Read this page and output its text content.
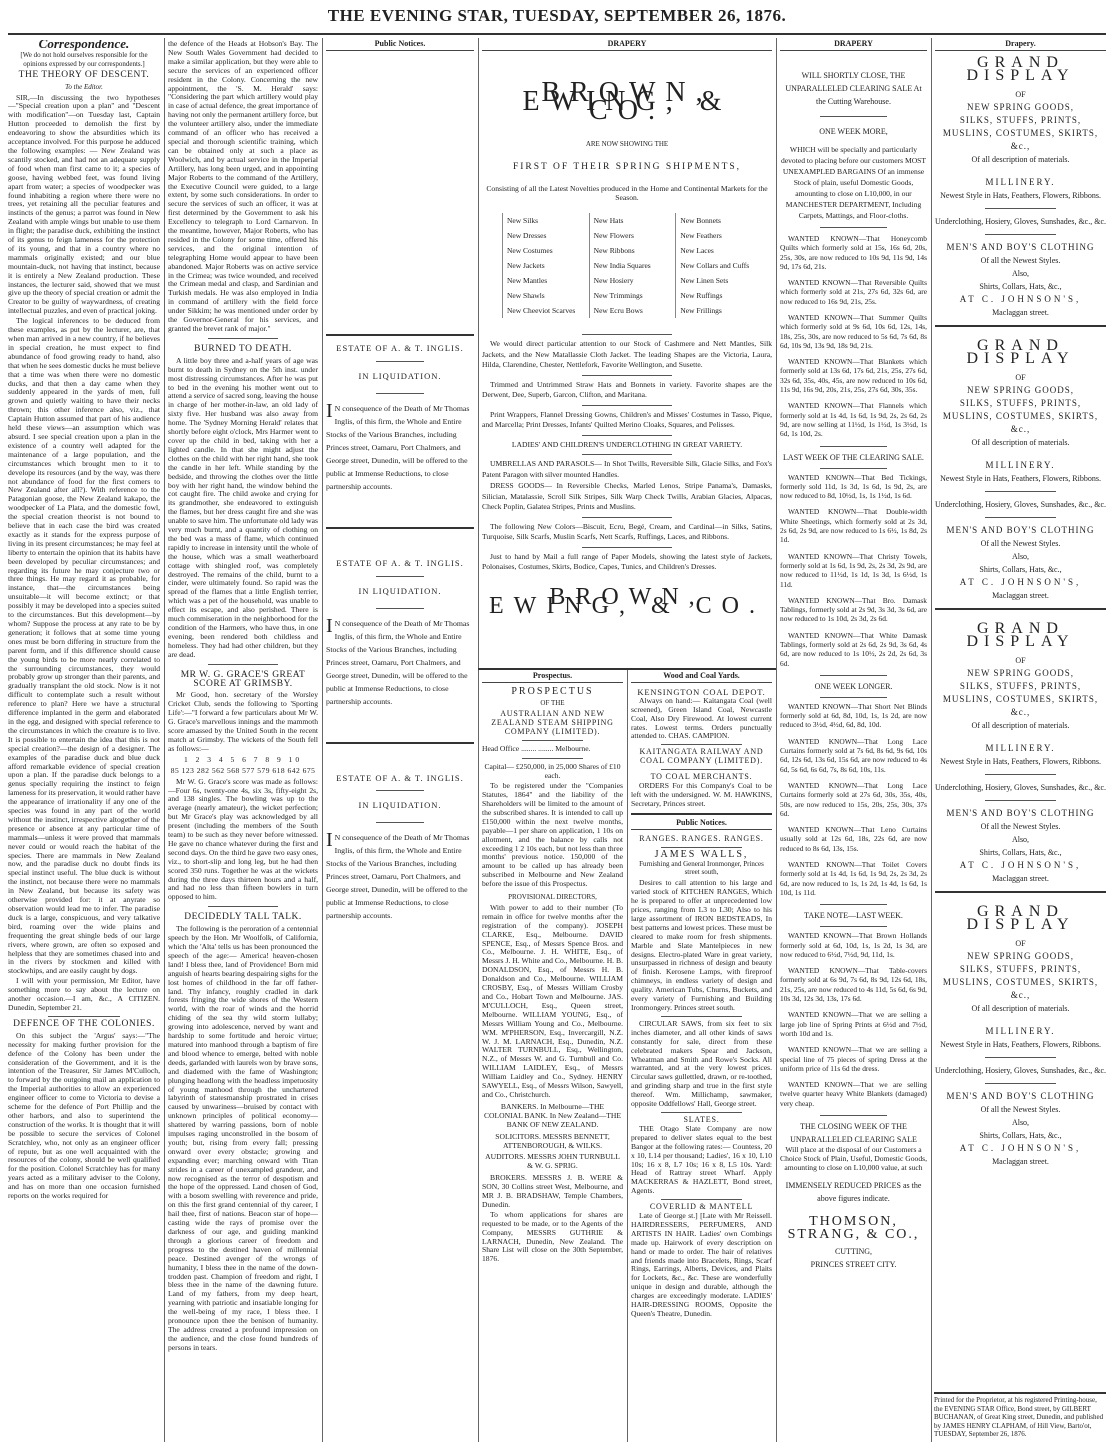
THE EVENING STAR, TUESDAY, SEPTEMBER 26, 1876.
Correspondence.

[We do not hold ourselves responsible for the opinions expressed by our correspondents.]

THE THEORY OF DESCENT.
To the Editor.

SIR,—In discussing the two hypotheses—"Special creation upon a plan" and "Descent with modification"—on Tuesday last, Captain Hutton proceeded to demolish the first by endeavoring to show the absurdities which its acceptance involved. For this purpose he adduced the following examples: — New Zealand was scantily stocked, and had not an adequate supply of food when man first came to it; a species of goose, having webbed feet, was found living apart from water; a species of woodpecker was found inhabiting a region where there were no trees, yet retaining all the peculiar features and instincts of the genus; a parrot was found in New Zealand with ample wings but unable to use them in flight; the paradise duck, exhibiting the instinct of its genus to feign lameness for the protection of its young, and that in a country where no mammals originally existed; and our blue mountain-duck, not having that instinct, because it is entirely a New Zealand production. These instances, the lecturer said, showed that we must give up the theory of special creation or admit the Creator to be guilty of waywardness, of creating intellectual puzzles, and even of practical joking.

The logical inferences to be deduced from these examples, as put by the lecturer, are, that when man arrived in a new country, if he believes in special creation, he must expect to find abundance of food growing ready to hand, also that when he sees domestic ducks he must believe that a time was when there were no domestic ducks, and that then a day came when they suddenly appeared in the yards of men, full grown and quietly waiting to have their necks thrown; this other inference also, viz., that Captain Hutton assumed that part of his audience held these views—an assumption which was absurd. I see special creation upon a plan in the existence of a country well adapted for the maintenance of a large population, and the circumstances which brought men to it to develope its resources (and by the way, was there not abundance of food for the first comers to New Zealand after all?). With reference to the Patagonian goose, the New Zealand kakapo, the woodpecker of La Plata, and the domestic fowl, the special creation theorist is not bound to believe that in each case the bird was created exactly as it stands for the express purpose of living in its present circumstances; he may feel at liberty to entertain the opinion that its habits have been developed by peculiar circumstances; and regarding its future he may conjecture two or three things. He may regard it as probable, for instance, that—the circumstances being unsuitable—it will become extinct; or that possibly it may be developed into a species suited to the circumstances. But this development—by whom? Suppose the process at any rate to be by generation; it follows that at some time young ones must be born differing in structure from the parent form, and if this difference should cause the young birds to be more nearly correlated to the surrounding circumstances, they would probably grow up stronger than their parents, and gradually transplant the old stock. Now is it not difficult to contemplate such a result without reference to plan? Here we have a structural difference implanted in the germ and elaborated in the egg, and designed with special reference to the circumstances in which the creature is to live. It is possible to entertain the idea that this is not special creation?—the design of a designer. The examples of the paradise duck and blue duck afford remarkable evidence of special creation upon a plan. If the paradise duck belongs to a genus specially requiring the instinct to feign lameness for its preservation, it would rather have the appearance of irrationality if any one of the species was found in any part of the world without the instinct, irrespective altogether of the presence or absence at any particular time of mammals—unless it were proved that mammals never could or would reach the habitat of the species. There are mammals in New Zealand now, and the paradise duck no doubt finds its special instinct useful. The blue duck is without the instinct, not because there were no mammals in New Zealand, but because its safety was otherwise provided for: it at anyrate so observation would lead me to infer. The paradise duck is a large, conspicuous, and very talkative bird, roaming over the wide plains and frequenting the great shingle beds of our large rivers, where grown, are often so exposed and helpless that they are sometimes chased into and in the rivers by stockmen and killed with stockwhips, and are easily caught by dogs.

I will with your permission, Mr Editor, have something more to say about the lecture on another occasion.—I am, &c., A CITIZEN. Dunedin, September 21.

DEFENCE OF THE COLONIES.

On this subject the 'Argus' says:—"The necessity for making further provision for the defence of the Colony has been under the consideration of the Government, and it is the intention of the Treasurer, Sir James M'Culloch, to forward by the outgoing mail an application to the Imperial authorities to allow an experienced engineer officer to come to Victoria to devise a scheme for the defence of Port Phillip and the other harbors, and also to superintend the construction of the works. It is thought that it will be possible to secure the services of Colonel Scratchley, who, not only as an engineer officer of repute, but as one well acquainted with the resources of the colony, should be well qualified for the position. Colonel Scratchley has for many years acted as a military adviser to the Colony, and has on more than one occasion furnished reports on the works required for

the defence of the Heads at Hobson's Bay. The New South Wales Government had decided to make a similar application, but they were able to secure the services of an experienced officer resident in the Colony. Concerning the new appointment, the 'S. M. Herald' says: "Considering the part which artillery would play in case of actual defence, the great importance of having not only the permanent artillery force, but the volunteer artillery also, under the immediate command of an officer who has received a special and thorough scientific training, which can be obtained only at such a place as Woolwich, and by actual service in the Imperial Artillery, has long been urged, and in appointing Major Roberts to the command of the Artillery, the Executive Council were guided, to a large extent, by some such considerations. In order to secure the services of such an officer, it was at first determined by the Government to ask his Excellency to telegraph to Lord Carnarvon. In the meantime, however, Major Roberts, who has resided in the Colony for some time, offered his services, and the original intention of telegraphing Home would appear to have been abandoned. Major Roberts was on active service in the Crimea; was twice wounded, and received the Crimean medal and clasp, and Sardinian and Turkish medals. He was also employed in India in command of artillery with the field force under Sikkim; he was mentioned under order by the Governor-General for his services, and granted the brevet rank of major."

BURNED TO DEATH.

A little boy three and a-half years of age was burnt to death in Sydney on the 5th inst. under most distressing circumstances. After he was put to bed in the evening his mother went out to attend a service of sacred song, leaving the house in charge of her mother-in-law, an old lady of sixty five. Her husband was also away from home. The 'Sydney Morning Herald' relates that shortly before eight o'clock, Mrs Harmer went to cover up the child in bed, taking with her a lighted candle. In that she might adjust the clothes on the child with her right hand, she took the candle in her left. While standing by the bedside, and throwing the clothes over the little boy with her right hand, the window behind the cot caught fire. The child awoke and crying for its grandmother, she endeavored to extinguish the flames, but her dress caught fire and she was unable to save him. The unfortunate old lady was very much burnt, and a quantity of clothing on the bed was a mass of flame, which continued rapidly to increase in intensity until the whole of the house, which was a small weatherboard cottage with shingled roof, was completely destroyed. The remains of the child, burnt to a cinder, were ultimately found. So rapid was the spread of the flames that a little English terrier, which was a pet of the household, was unable to effect its escape, and also perished. There is much commiseration in the neighborhood for the condition of the Harmers, who have thus, in one evening, been rendered both childless and homeless. They had had other children, but they are dead.

MR W. G. GRACE'S GREAT SCORE AT GRIMSBY.

Mr Good, hon. secretary of the Worsley Cricket Club, sends the following to 'Sporting Life':—"I forward a few particulars about Mr W. G. Grace's marvellous innings and the mammoth score amassed by the United South in the recent match at Grimsby. The wickets of the South fell as follows:—

1 2 3 4 5 6 7 8 9 10
85 123 282 562 568 577 579 618 642 675

Mr W. G. Grace's score was made as follows:—Four 6s, twenty-one 4s, six 3s, fifty-eight 2s, and 138 singles. The bowling was up to the average (nearly amateur), the wicket perfection; but Mr Grace's play was acknowledged by all present (including the members of the South team) to be such as they never before witnessed. He gave no chance whatever during the first and second days. On the third he gave two easy ones, viz., to short-slip and long leg, but he had then scored 350 runs. Together he was at the wickets during the three days thirteen hours and a half, and had no less than fifteen bowlers in turn opposed to him.

DECIDEDLY TALL TALK.

The following is the peroration of a centennial speech by the Hon. Mr Woolfolk, of California, which the 'Alta' tells us has been pronounced the speech of the age:— America! heaven-chosen land! I bless thee, land of Providence! Born mid anguish of hearts bearing despairing sighs for the lost homes of childhood in the far off father-land. Thy infancy, roughly cradled in dark forests fringing the wide shores of the Western world, with the roar of winds and the horrid chiding of the sea thy wild storm lullaby; growing into adolescence, nerved by want and hardship to some fortitude and heroic virtue; matured into manhood through a baptism of fire and blood whence to emerge, belted with noble deeds, garlanded with laurels won by brave sons, and diademed with the fame of Washington; plunging headlong with the headless impetuosity of young manhood through the unchartered labyrinth of statesmanship prostrated in crises caused by unwariness—bruised by contact with unknown principles of political economy—shattered by warring passions, born of noble impulses raging unconstrolled in the bosom of youth; but, rising from every fall; pressing onward over every obstacle; growing and expanding ever; marching onward with Titan strides in a career of unexampled grandeur, and now recognised as the terror of despotism and the hope of the oppressed. Land chosen of God, with a bosom swelling with reverence and pride, on this the first grand centennial of thy career, I hail thee, first of nations. Beacon star of hope—casting wide the rays of promise over the darkness of our age, and guiding mankind through a glorious career of freedom and progress to the destined haven of millennial peace. Destined avenger of the wrongs of humanity, I bless thee in the name of the down-trodden past. Champion of freedom and right, I bless thee in the name of the dawning future. Land of my fathers, from my deep heart, yearning with patriotic and insatiable longing for the well-being of my race, I bless thee. I pronounce upon thee the benison of humanity. The address created a profound impression on the audience, and the close found hundreds of persons in tears.

Public Notices.
ESTATE OF A. & T. INGLIS.
IN LIQUIDATION.
I N consequence of the Death of Mr Thomas Inglis, of this firm, the Whole and Entire Stocks of the Various Branches, including Princes street, Oamaru, Port Chalmers, and George street, Dunedin, will be offered to the public at Immense Reductions, to close partnership accounts.
ESTATE OF A. & T. INGLIS.
IN LIQUIDATION.
I N consequence of the Death of Mr Thomas Inglis, of this firm, the Whole and Entire Stocks of the Various Branches, including Princes street, Oamaru, Port Chalmers, and George street, Dunedin, will be offered to the public at Immense Reductions, to close partnership accounts.
ESTATE OF A. & T. INGLIS.
IN LIQUIDATION.
I N consequence of the Death of Mr Thomas Inglis, of this firm, the Whole and Entire Stocks of the Various Branches, including Princes street, Oamaru, Port Chalmers, and George street, Dunedin, will be offered to the public at Immense Reductions, to close partnership accounts.
DRAPERY
BROWN, EWING, & CO.
ARE NOW SHOWING THE
FIRST OF THEIR SPRING SHIPMENTS,

Consisting of all the Latest Novelties produced in the Home and Continental Markets for the Season.

New Silks	New Hats	New Bonnets
New Dresses	New Flowers	New Feathers
New Costumes	New Ribbons	New Laces
New Jackets	New India Squares	New Collars and Cuffs
New Mantles	New Hosiery	New Linen Sets
New Shawls	New Trimmings	New Ruffings
New Cheeviot Scarves	New Ecru Bows	New Frillings

We would direct particular attention to our Stock of Cashmere and Nett Mantles, Silk Jackets, and the New Matallassie Cloth Jacket. The leading Shapes are the Victoria, Laura, Hilda, Clarendine, Chester, Nettlefork, Favorite Wellington, and Susette.

Trimmed and Untrimmed Straw Hats and Bonnets in variety. Favorite shapes are the Derwent, Dee, Superb, Garcon, Clifton, and Maritana.

Print Wrappers, Flannel Dressing Gowns, Children's and Misses' Costumes in Tasso, Pique, and Marcella; Print Dresses, Infants' Quilted Merino Cloaks, Squares, and Pelisses.

LADIES' AND CHILDREN'S UNDERCLOTHING IN GREAT VARIETY.

UMBRELLAS AND PARASOLS— In Shot Twills, Reversible Silk, Glacie Silks, and Fox's Patent Paragon with silver mounted Handles.

DRESS GOODS— In Reversible Checks, Marled Lenos, Stripe Panama's, Damasks, Silician, Matalassie, Scroll Silk Stripes, Silk Warp Check Twills, Arabian Glacies, Alpacas, Check Poplin, Galatea Stripes, Prints and Muslins.

The following New Colors—Biscuit, Ecru, Begé, Cream, and Cardinal—in Silks, Satins, Turquoise, Silk Scarfs, Muslin Scarfs, Nett Scarfs, Ruffings, Laces, and Ribbons.

Just to hand by Mail a full range of Paper Models, showing the latest style of Jackets, Polonaises, Costumes, Skirts, Bodice, Capes, Tunics, and Children's Dresses.

BROWN, EWING, & CO.
Prospectus.
PROSPECTUS
OF THE
AUSTRALIAN AND NEW ZEALAND STEAM SHIPPING COMPANY (LIMITED).

Head Office ........ ........ Melbourne.

Capital— £250,000, in 25,000 Shares of £10 each.

To be registered under the "Companies Statutes, 1864" and the liability of the Shareholders will be limited to the amount of the subscribed shares. It is intended to call up £150,000 within the next twelve months, payable—1 per share on application, 1 10s on allotment, and the balance by calls not exceeding 1 2 10s each, but not less than three months' previous notice. 150,000 of the amount to be called up has already been subscribed in Melbourne and New Zealand before the issue of this Prospectus.

PROVISIONAL DIRECTORS,

With power to add to their number (To remain in office for twelve months after the registration of the company). JOSEPH CLARKE, Esq., Melbourne. DAVID SPENCE, Esq., of Messrs Spence Bros. and Co., Melbourne. J. H. WHITE, Esq., of Messrs J. H. White and Co., Melbourne. H. B. DONALDSON, Esq., of Messrs H. B. Donaldson and Co., Melbourne. WILLIAM CROSBY, Esq., of Messrs William Crosby and Co., Hobart Town and Melbourne. JAS. M'CULLOCH, Esq., Queen street, Melbourne. WILLIAM YOUNG, Esq., of Messrs William Young and Co., Melbourne. WM. M'PHERSON, Esq., Invercargill, N.Z. W. J. M. LARNACH, Esq., Dunedin, N.Z. WALTER TURNBULL, Esq., Wellington, N.Z., of Messrs W. and G. Turnbull and Co. WILLIAM LAIDLEY, Esq., of Messrs William Laidley and Co., Sydney. HENRY SAWYELL, Esq., of Messrs Wilson, Sawyell, and Co., Christchurch.

BANKERS. In Melbourne—THE COLONIAL BANK. In New Zealand—THE BANK OF NEW ZEALAND.

SOLICITORS. MESSRS BENNETT, ATTENBOROUGH, & WILKS.

AUDITORS. MESSRS JOHN TURNBULL & W. G. SPRIG.

BROKERS. MESSRS J. B. WERE & SON, 30 Collins street West, Melbourne, and MR J. B. BRADSHAW, Temple Chambers, Dunedin.

To whom applications for shares are requested to be made, or to the Agents of the Company, MESSRS GUTHRIE & LARNACH, Dunedin, New Zealand. The Share List will close on the 30th September, 1876.

Wood and Coal Yards.
KENSINGTON COAL DEPOT.

Always on hand:— Kaitangata Coal (well screened), Green Island Coal, Newcastle Coal, Also Dry Firewood. At lowest current rates. Lowest terms. Orders punctually attended to. CHAS. CAMPION.

KAITANGATA RAILWAY AND COAL COMPANY (LIMITED).
TO COAL MERCHANTS.

ORDERS For this Company's Coal to be left with the undersigned. W. M. HAWKINS, Secretary, Princes street.

Public Notices.
RANGES. RANGES. RANGES.
JAMES WALLS,
Furnishing and General Ironmonger, Princes street south,

Desires to call attention to his large and varied stock of KITCHEN RANGES, Which he is prepared to offer at unprecedented low prices, ranging from L3 to L30; Also to his large assortment of IRON BEDSTEADS, In best patterns and lowest prices. These must be cleared to make room for fresh shipments. Marble and Slate Mantelpieces in new designs. Electro-plated Ware in great variety, unsurpassed in richness of design and beauty of finish. Kerosene Lamps, with fireproof chimneys, in endless variety of design and quality. American Tubs, Churns, Buckets, and every variety of Furnishing and Building Ironmongery. Princes street south.

CIRCULAR SAWS, from six feet to six inches diameter, and all other kinds of saws constantly for sale, direct from these celebrated makers Spear and Jackson, Wheatman and Smith and Rowe's Socks. All warranted, and at the very lowest prices. Circular saws gullettled, drawn, or re-toothed, and grinding sharp and true in the first style thereof. Wm. Millichamp, sawmaker, opposite Oddfellows' Hall, George street.

SLATES.

THE Otago Slate Company are now prepared to deliver slates equal to the best Bangor at the following rates:— Countess, 20 x 10, L14 per thousand; Ladies', 16 x 10, L10 10s; 16 x 8, L7 10s; 16 x 8, L5 10s. Yard: Head of Rattray street Wharf. Apply MACKERRAS & HAZLETT, Bond street, Agents.

COVERLID & MANTELL

Late of George st.] [Late with Mr Reissell. HAIRDRESSERS, PERFUMERS, AND ARTISTS IN HAIR. Ladies' own Combings made up. Hairwork of every description on hand or made to order. The hair of relatives and friends made into Bracelets, Rings, Scarf Rings, Earrings, Alberts, Devices, and Plaits for Lockets, &c., &c. These are wonderfully unique in design and durable, although the charges are exceedingly moderate. LADIES' HAIR-DRESSING ROOMS, Opposite the Queen's Theatre, Dunedin.

DRAPERY
WILL SHORTLY CLOSE, THE UNPARALLELED CLEARING SALE At the Cutting Warehouse.
ONE WEEK MORE,

WHICH will be specially and particularly devoted to placing before our customers MOST UNEXAMPLED BARGAINS Of an immense Stock of plain, useful Domestic Goods, amounting to close on L10,000, in our MANCHESTER DEPARTMENT, Including Carpets, Mattings, and Floor-cloths.

WANTED KNOWN—That Honeycomb Quilts which formerly sold at 15s, 16s 6d, 20s, 25s, 30s, are now reduced to 10s 9d, 11s 9d, 14s 9d, 17s 6d, 21s.

WANTED KNOWN—That Reversible Quilts which formerly sold at 21s, 27s 6d, 32s 6d, are now reduced to 16s 9d, 21s, 25s.

WANTED KNOWN—That Summer Quilts which formerly sold at 9s 6d, 10s 6d, 12s, 14s, 18s, 25s, 30s, are now reduced to 5s 6d, 7s 6d, 8s 6d, 10s 9d, 13s 9d, 18s 9d, 21s.

WANTED KNOWN—That Blankets which formerly sold at 13s 6d, 17s 6d, 21s, 25s, 27s 6d, 32s 6d, 35s, 40s, 45s, are now reduced to 10s 6d, 11s 9d, 16s 9d, 20s, 21s, 25s, 27s 6d, 30s, 35s.

WANTED KNOWN—That Flannels which formerly sold at 1s 4d, 1s 6d, 1s 9d, 2s, 2s 6d, 2s 9d, are now selling at 11½d, 1s 1½d, 1s 3½d, 1s 6d, 1s 10d, 2s.

LAST WEEK OF THE CLEARING SALE.

WANTED KNOWN—That Bed Tickings, formerly sold 11d, 1s 3d, 1s 6d, 1s 9d, 2s, are now reduced to 8d, 10½d, 1s, 1s 1½d, 1s 6d.

WANTED KNOWN—That Double-width White Sheetings, which formerly sold at 2s 3d, 2s 6d, 2s 9d, are now reduced to 1s 6½, 1s 8d, 2s 1d.

WANTED KNOWN—That Christy Towels, formerly sold at 1s 6d, 1s 9d, 2s, 2s 3d, 2s 9d, are now reduced to 11½d, 1s 1d, 1s 3d, 1s 6½d, 1s 11d.

WANTED KNOWN—That Bro. Damask Tablings, formerly sold at 2s 9d, 3s 3d, 3s 6d, are now reduced to 1s 10d, 2s 3d, 2s 6d.

WANTED KNOWN—That White Damask Tablings, formerly sold at 2s 6d, 2s 9d, 3s 6d, 4s 6d, are now reduced to 1s 10½, 2s 2d, 2s 6d, 3s 6d.

ONE WEEK LONGER.

WANTED KNOWN—That Short Net Blinds formerly sold at 6d, 8d, 10d, 1s, 1s 2d, are now reduced to 3½d, 4½d, 6d, 8d, 10d.

WANTED KNOWN—That Long Lace Curtains formerly sold at 7s 6d, 8s 6d, 9s 6d, 10s 6d, 12s 6d, 13s 6d, 15s 6d, are now reduced to 4s 6d, 5s 6d, 6s 6d, 7s, 8s 6d, 10s, 11s.

WANTED KNOWN—That Long Lace Curtains formerly sold at 27s 6d, 30s, 35s, 40s, 50s, are now reduced to 15s, 20s, 25s, 30s, 37s 6d.

WANTED KNOWN—That Leno Curtains usually sold at 12s 6d, 18s, 22s 6d, are now reduced to 8s 6d, 13s, 15s.

WANTED KNOWN—That Toilet Covers formerly sold at 1s 4d, 1s 6d, 1s 9d, 2s, 2s 3d, 2s 6d, are now reduced to 1s, 1s 2d, 1s 4d, 1s 6d, 1s 10d, 1s 11d.

TAKE NOTE—LAST WEEK.

WANTED KNOWN—That Brown Hollands formerly sold at 6d, 10d, 1s, 1s 2d, 1s 3d, are now reduced to 6½d, 7½d, 9d, 11d, 1s.

WANTED KNOWN—That Table-covers formerly sold at 6s 9d, 7s 6d, 8s 9d, 12s 6d, 18s, 21s, 25s, are now reduced to 4s 11d, 5s 6d, 6s 9d, 10s 3d, 12s 3d, 13s, 17s 6d.

WANTED KNOWN—That we are selling a large job line of Spring Prints at 6½d and 7½d, worth 10d and 1s.

WANTED KNOWN—That we are selling a special line of 75 pieces of spring Dress at the uniform price of 11s 6d the dress.

WANTED KNOWN—That we are selling twelve quarter heavy White Blankets (damaged) very cheap.

THE CLOSING WEEK OF THE UNPARALLELED CLEARING SALE

Will place at the disposal of our Customers a Choice Stock of Plain, Useful, Domestic Goods, amounting to close on L10,000 value, at such

IMMENSELY REDUCED PRICES as the above figures indicate.
THOMSON, STRANG, & CO.,
CUTTING,
PRINCES STREET CITY.
Drapery.
GRAND DISPLAY
OF
NEW SPRING GOODS,
SILKS, STUFFS, PRINTS, MUSLINS, COSTUMES, SKIRTS, &c.,
Of all description of materials.
MILLINERY.
Newest Style in Hats, Feathers, Flowers, Ribbons.
Underclothing, Hosiery, Gloves, Sunshades, &c., &c.
MEN'S AND BOY'S CLOTHING
Of all the Newest Styles.
Also,
Shirts, Collars, Hats, &c.,
AT C. JOHNSON'S,
Maclaggan street.
GRAND DISPLAY
OF
NEW SPRING GOODS,
SILKS, STUFFS, PRINTS, MUSLINS, COSTUMES, SKIRTS, &c.,
Of all description of materials.
MILLINERY.
Newest Style in Hats, Feathers, Flowers, Ribbons.
Underclothing, Hosiery, Gloves, Sunshades, &c., &c.
MEN'S AND BOY'S CLOTHING
Of all the Newest Styles.
Also,
Shirts, Collars, Hats, &c.,
AT C. JOHNSON'S,
Maclaggan street.
GRAND DISPLAY
OF
NEW SPRING GOODS,
SILKS, STUFFS, PRINTS, MUSLINS, COSTUMES, SKIRTS, &c.,
Of all description of materials.
MILLINERY.
Newest Style in Hats, Feathers, Flowers, Ribbons.
Underclothing, Hosiery, Gloves, Sunshades, &c., &c.
MEN'S AND BOY'S CLOTHING
Of all the Newest Styles.
Also,
Shirts, Collars, Hats, &c.,
AT C. JOHNSON'S,
Maclaggan street.
GRAND DISPLAY
OF
NEW SPRING GOODS,
SILKS, STUFFS, PRINTS, MUSLINS, COSTUMES, SKIRTS, &c.,
Of all description of materials.
MILLINERY.
Newest Style in Hats, Feathers, Flowers, Ribbons.
Underclothing, Hosiery, Gloves, Sunshades, &c., &c.
MEN'S AND BOY'S CLOTHING
Of all the Newest Styles.
Also,
Shirts, Collars, Hats, &c.,
AT C. JOHNSON'S,
Maclaggan street.
Printed for the Proprietor, at his registered Printing-house, the EVENING STAR Office, Bond street, by GILBERT BUCHANAN, of Great King street, Dunedin, and published by JAMES HENRY CLAPHAM, of Hill View, Barto'ot, TUESDAY, September 26, 1876.
